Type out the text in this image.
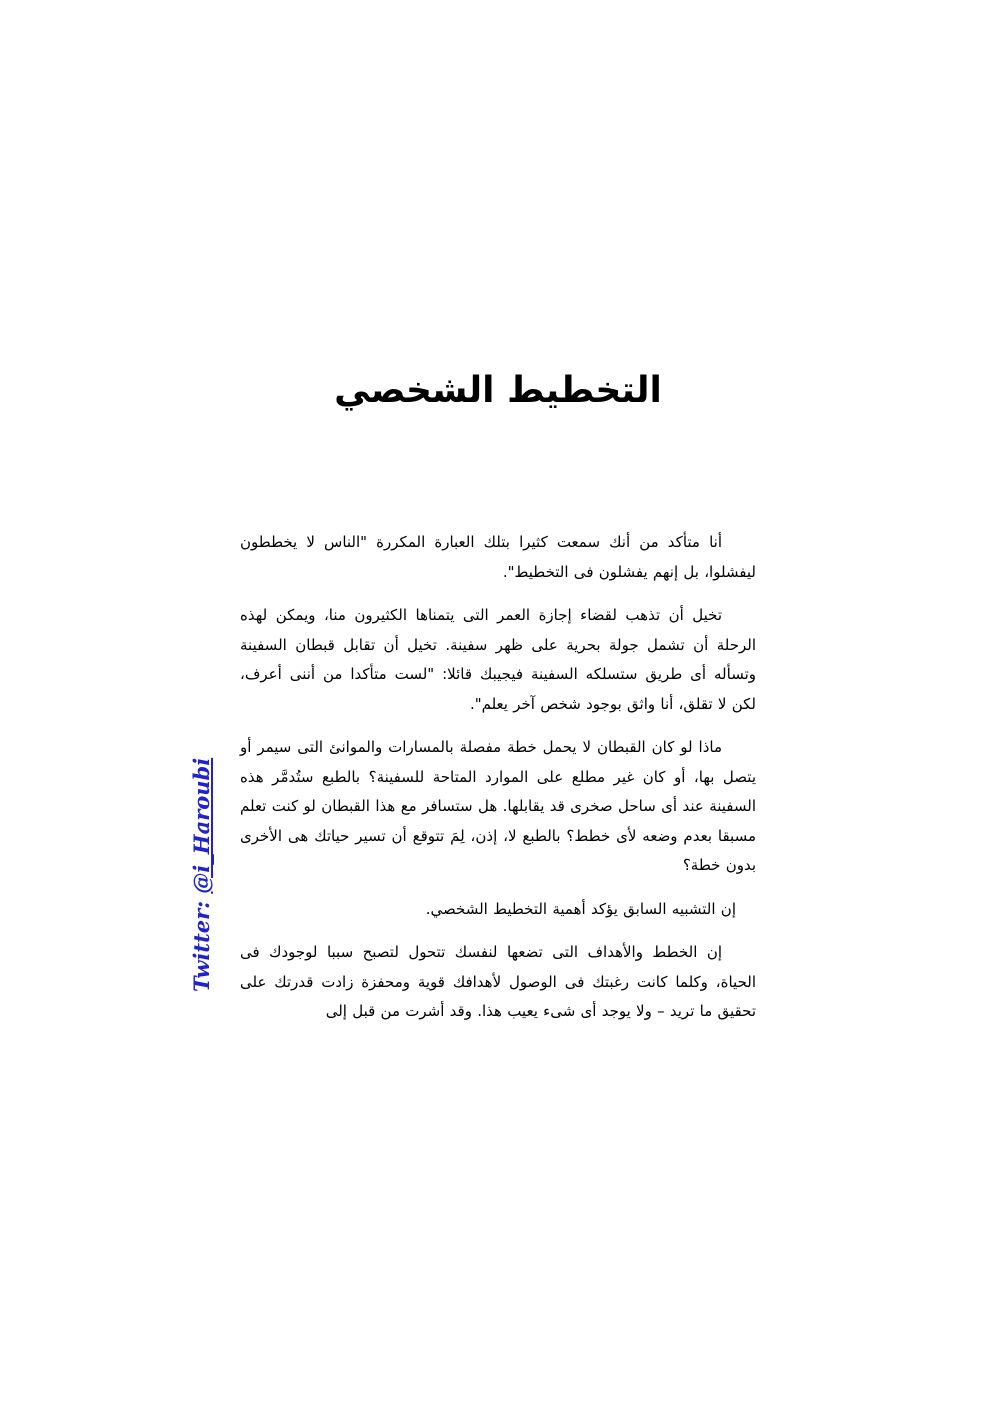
التخطيط الشخصي

أنا متأكد من أنك سمعت كثيرا بتلك العبارة المكررة "الناس لا يخططون ليفشلوا، بل إنهم يفشلون فى التخطيط".

تخيل أن تذهب لقضاء إجازة العمر التى يتمناها الكثيرون منا، ويمكن لهذه الرحلة أن تشمل جولة بحرية على ظهر سفينة. تخيل أن تقابل قبطان السفينة وتسأله أى طريق ستسلكه السفينة فيجيبك قائلا: "لست متأكدا من أننى أعرف، لكن لا تقلق، أنا واثق بوجود شخص آخر يعلم".

ماذا لو كان القبطان لا يحمل خطة مفصلة بالمسارات والموانئ التى سيمر أو يتصل بها، أو كان غير مطلع على الموارد المتاحة للسفينة؟ بالطبع ستُدمَّر هذه السفينة عند أى ساحل صخرى قد يقابلها. هل ستسافر مع هذا القبطان لو كنت تعلم مسبقا بعدم وضعه لأى خطط؟ بالطبع لا، إذن، لِمَ تتوقع أن تسير حياتك هى الأخرى بدون خطة؟

إن التشبيه السابق يؤكد أهمية التخطيط الشخصي.

إن الخطط والأهداف التى تضعها لنفسك تتحول لتصبح سببا لوجودك فى الحياة، وكلما كانت رغبتك فى الوصول لأهدافك قوية ومحفزة زادت قدرتك على تحقيق ما تريد – ولا يوجد أى شىء يعيب هذا. وقد أشرت من قبل إلى

Twitter: @i_Haroubi
